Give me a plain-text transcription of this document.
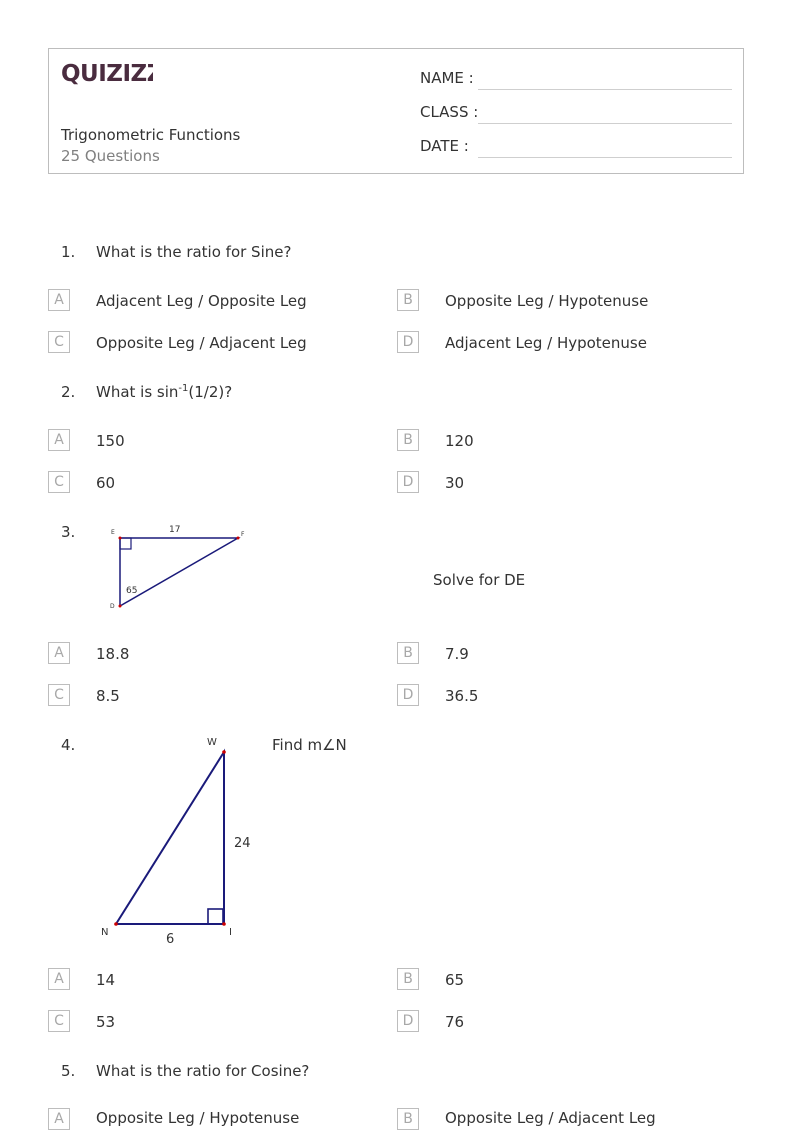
QUIZIZZ
Trigonometric Functions
25 Questions
NAME :
CLASS :
DATE :
1. What is the ratio for Sine?
A	Adjacent Leg / Opposite Leg	B	Opposite Leg / Hypotenuse
C	Opposite Leg / Adjacent Leg	D	Adjacent Leg / Hypotenuse
2. What is $\sin^{-1}(1/2)$?
A	150	B	120
C	60	D	30
3.	E	F
D
17
65
Solve for DE
A	18.8	B	7.9
C	8.5	D	36.5
4.	W
N	I
24
6
Find m∠N
A	14	B	65
C	53	D	76
5. What is the ratio for Cosine?
A	Opposite Leg / Hypotenuse	B	Opposite Leg / Adjacent Leg
